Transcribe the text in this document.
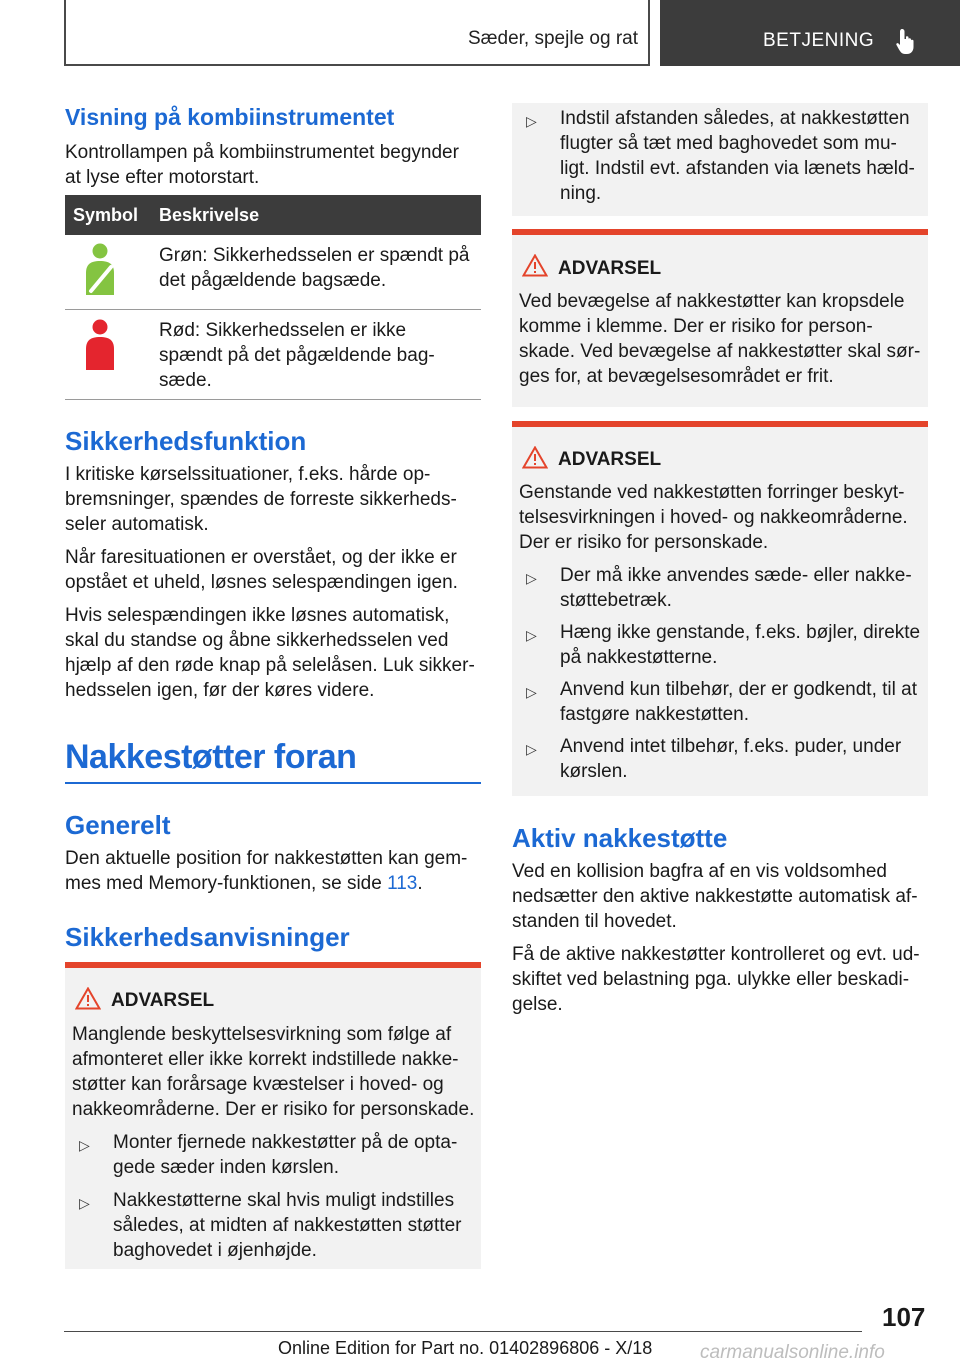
Sæder, spejle og rat	BETJENING
Visning på kombiinstrumentet
Kontrollampen på kombiinstrumentet begynder
at lyse efter motorstart.
Symbol Beskrivelse
Grøn: Sikkerhedsselen er spændt på
det pågældende bagsæde.
Rød: Sikkerhedsselen er ikke
spændt på det pågældende bag-
sæde.
Sikkerhedsfunktion
I kritiske kørselssituationer, f.eks. hårde op-
bremsninger, spændes de forreste sikkerheds-
seler automatisk.
Når faresituationen er overstået, og der ikke er
opstået et uheld, løsnes selespændingen igen.
Hvis selespændingen ikke løsnes automatisk,
skal du standse og åbne sikkerhedsselen ved
hjælp af den røde knap på selelåsen. Luk sikker-
hedsselen igen, før der køres videre.
Nakkestøtter foran
Generelt
Den aktuelle position for nakkestøtten kan gem-
mes med Memory-funktionen, se side 113.
Sikkerhedsanvisninger
ADVARSEL
Manglende beskyttelsesvirkning som følge af
afmonteret eller ikke korrekt indstillede nakke-
støtter kan forårsage kvæstelser i hoved- og
nakkeområderne. Der er risiko for personskade.
▷ Monter fjernede nakkestøtter på de opta-
gede sæder inden kørslen.
▷ Nakkestøtterne skal hvis muligt indstilles
således, at midten af nakkestøtten støtter
baghovedet i øjenhøjde.
▷ Indstil afstanden således, at nakkestøtten
flugter så tæt med baghovedet som mu-
ligt. Indstil evt. afstanden via lænets hæld-
ning.
ADVARSEL
Ved bevægelse af nakkestøtter kan kropsdele
komme i klemme. Der er risiko for person-
skade. Ved bevægelse af nakkestøtter skal sør-
ges for, at bevægelsesområdet er frit.
ADVARSEL
Genstande ved nakkestøtten forringer beskyt-
telsesvirkningen i hoved- og nakkeområderne.
Der er risiko for personskade.
▷ Der må ikke anvendes sæde- eller nakke-
støttebetræk.
▷ Hæng ikke genstande, f.eks. bøjler, direkte
på nakkestøtterne.
▷ Anvend kun tilbehør, der er godkendt, til at
fastgøre nakkestøtten.
▷ Anvend intet tilbehør, f.eks. puder, under
kørslen.
Aktiv nakkestøtte
Ved en kollision bagfra af en vis voldsomhed
nedsætter den aktive nakkestøtte automatisk af-
standen til hovedet.
Få de aktive nakkestøtter kontrolleret og evt. ud-
skiftet ved belastning pga. ulykke eller beskadi-
gelse.
107
Online Edition for Part no. 01402896806 - X/18	carmanualsonline.info
